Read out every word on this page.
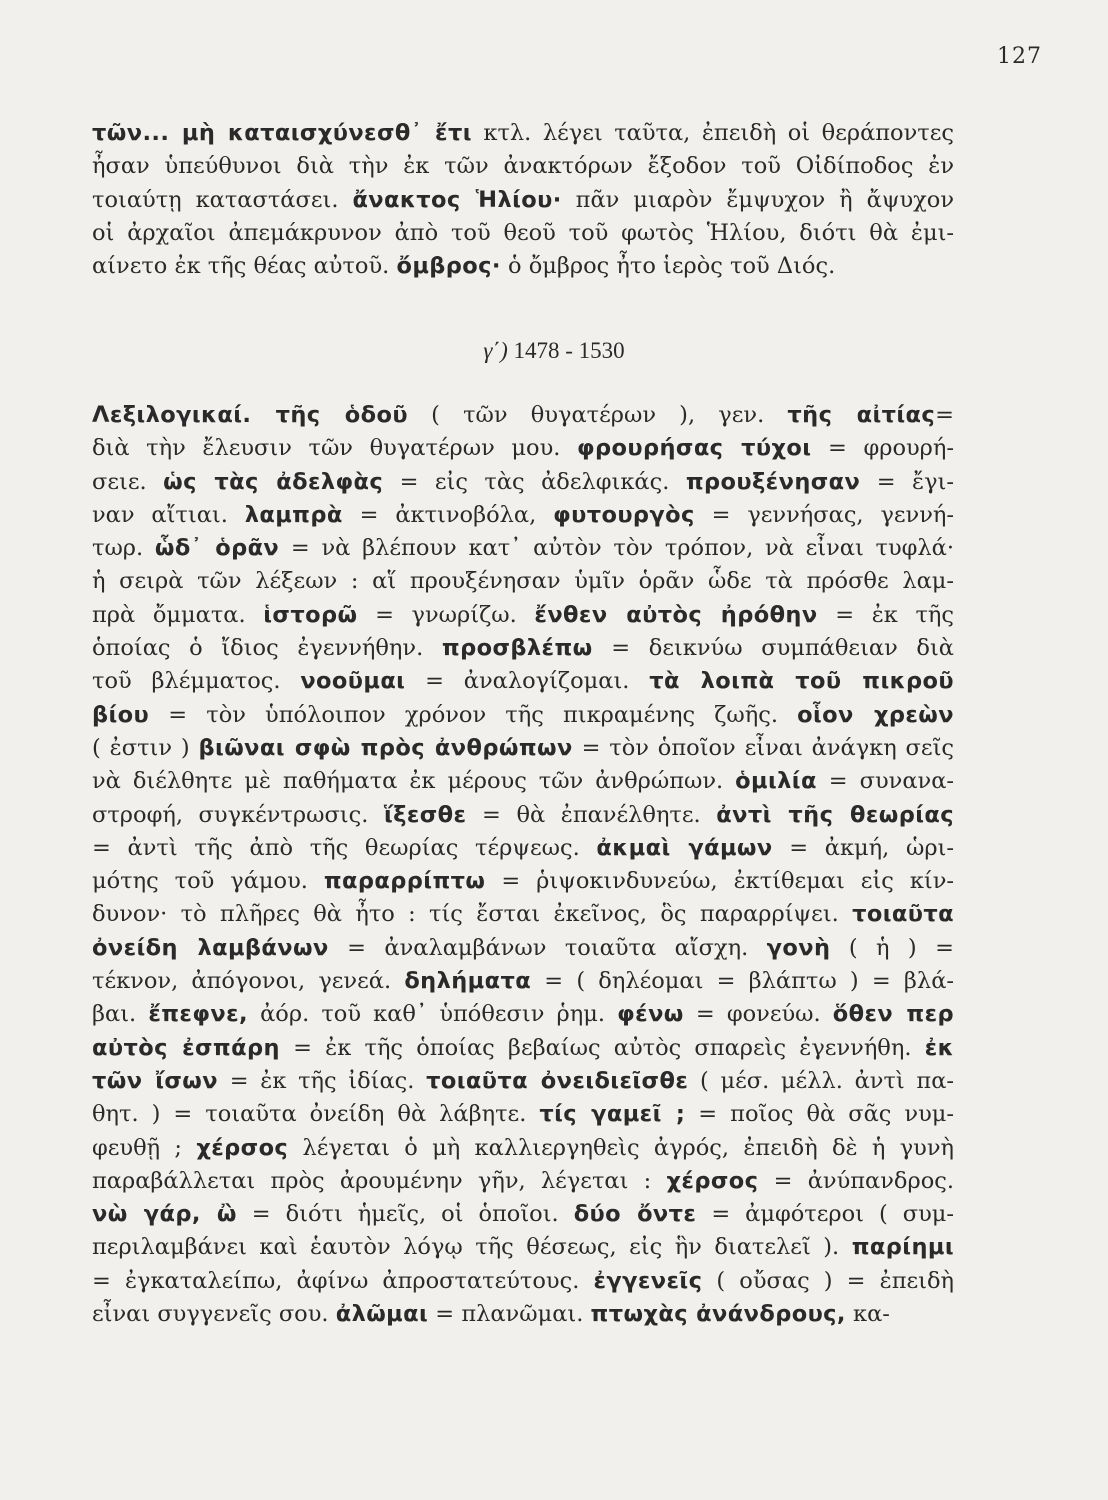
127
τῶν... μὴ καταισχύνεσθ᾽ ἔτι κτλ. λέγει ταῦτα, ἐπειδὴ οἱ θεράποντες
ἦσαν ὑπεύθυνοι διὰ τὴν ἐκ τῶν ἀνακτόρων ἔξοδον τοῦ Οἰδίποδος ἐν
τοιαύτῃ καταστάσει. ἄνακτος Ἡλίου· πᾶν μιαρὸν ἔμψυχον ἢ ἄψυχον
οἱ ἀρχαῖοι ἀπεμάκρυνον ἀπὸ τοῦ θεοῦ τοῦ φωτὸς Ἡλίου, διότι θὰ ἐμι-
αίνετο ἐκ τῆς θέας αὐτοῦ. ὄμβρος· ὁ ὄμβρος ἦτο ἱερὸς τοῦ Διός.
γ΄) 1478 - 1530
Λεξιλογικαί. τῆς ὁδοῦ ( τῶν θυγατέρων ), γεν. τῆς αἰτίας=
διὰ τὴν ἔλευσιν τῶν θυγατέρων μου. φρουρήσας τύχοι = φρουρή-
σειε. ὡς τὰς ἀδελφὰς = εἰς τὰς ἀδελφικάς. προυξένησαν = ἔγι-
ναν αἴτιαι. λαμπρὰ = ἀκτινοβόλα, φυτουργὸς = γεννήσας, γεννή-
τωρ. ὧδ᾽ ὁρᾶν = νὰ βλέπουν κατ᾽ αὐτὸν τὸν τρόπον, νὰ εἶναι τυφλά·
ἡ σειρὰ τῶν λέξεων : αἵ προυξένησαν ὑμῖν ὁρᾶν ὧδε τὰ πρόσθε λαμ-
πρὰ ὄμματα. ἱστορῶ = γνωρίζω. ἔνθεν αὐτὸς ἠρόθην = ἐκ τῆς
ὁποίας ὁ ἴδιος ἐγεννήθην. προσβλέπω = δεικνύω συμπάθειαν διὰ
τοῦ βλέμματος. νοοῦμαι = ἀναλογίζομαι. τὰ λοιπὰ τοῦ πικροῦ
βίου = τὸν ὑπόλοιπον χρόνον τῆς πικραμένης ζωῆς. οἷον χρεὼν
( ἐστιν ) βιῶναι σφὼ πρὸς ἀνθρώπων = τὸν ὁποῖον εἶναι ἀνάγκη σεῖς
νὰ διέλθητε μὲ παθήματα ἐκ μέρους τῶν ἀνθρώπων. ὁμιλία = συνανα-
στροφή, συγκέντρωσις. ἵξεσθε = θὰ ἐπανέλθητε. ἀντὶ τῆς θεωρίας
= ἀντὶ τῆς ἀπὸ τῆς θεωρίας τέρψεως. ἀκμαὶ γάμων = ἀκμή, ὡρι-
μότης τοῦ γάμου. παραρρίπτω = ῥιψοκινδυνεύω, ἐκτίθεμαι εἰς κίν-
δυνον· τὸ πλῆρες θὰ ἦτο : τίς ἔσται ἐκεῖνος, ὃς παραρρίψει. τοιαῦτα
ὀνείδη λαμβάνων = ἀναλαμβάνων τοιαῦτα αἴσχη. γονὴ ( ἡ ) =
τέκνον, ἀπόγονοι, γενεά. δηλήματα = ( δηλέομαι = βλάπτω ) = βλά-
βαι. ἔπεφνε, ἀόρ. τοῦ καθ᾽ ὑπόθεσιν ῥημ. φένω = φονεύω. ὅθεν περ
αὐτὸς ἐσπάρη = ἐκ τῆς ὁποίας βεβαίως αὐτὸς σπαρεὶς ἐγεννήθη. ἐκ
τῶν ἴσων = ἐκ τῆς ἰδίας. τοιαῦτα ὀνειδιεῖσθε ( μέσ. μέλλ. ἀντὶ πα-
θητ. ) = τοιαῦτα ὀνείδη θὰ λάβητε. τίς γαμεῖ ; = ποῖος θὰ σᾶς νυμ-
φευθῇ ; χέρσος λέγεται ὁ μὴ καλλιεργηθεὶς ἀγρός, ἐπειδὴ δὲ ἡ γυνὴ
παραβάλλεται πρὸς ἀρουμένην γῆν, λέγεται : χέρσος = ἀνύπανδρος.
νὼ γάρ, ὢ = διότι ἡμεῖς, οἱ ὁποῖοι. δύο ὄντε = ἀμφότεροι ( συμ-
περιλαμβάνει καὶ ἑαυτὸν λόγῳ τῆς θέσεως, εἰς ἣν διατελεῖ ). παρίημι
= ἐγκαταλείπω, ἀφίνω ἀπροστατεύτους. ἐγγενεῖς ( οὔσας ) = ἐπειδὴ
εἶναι συγγενεῖς σου. ἀλῶμαι = πλανῶμαι. πτωχὰς ἀνάνδρους, κα-
